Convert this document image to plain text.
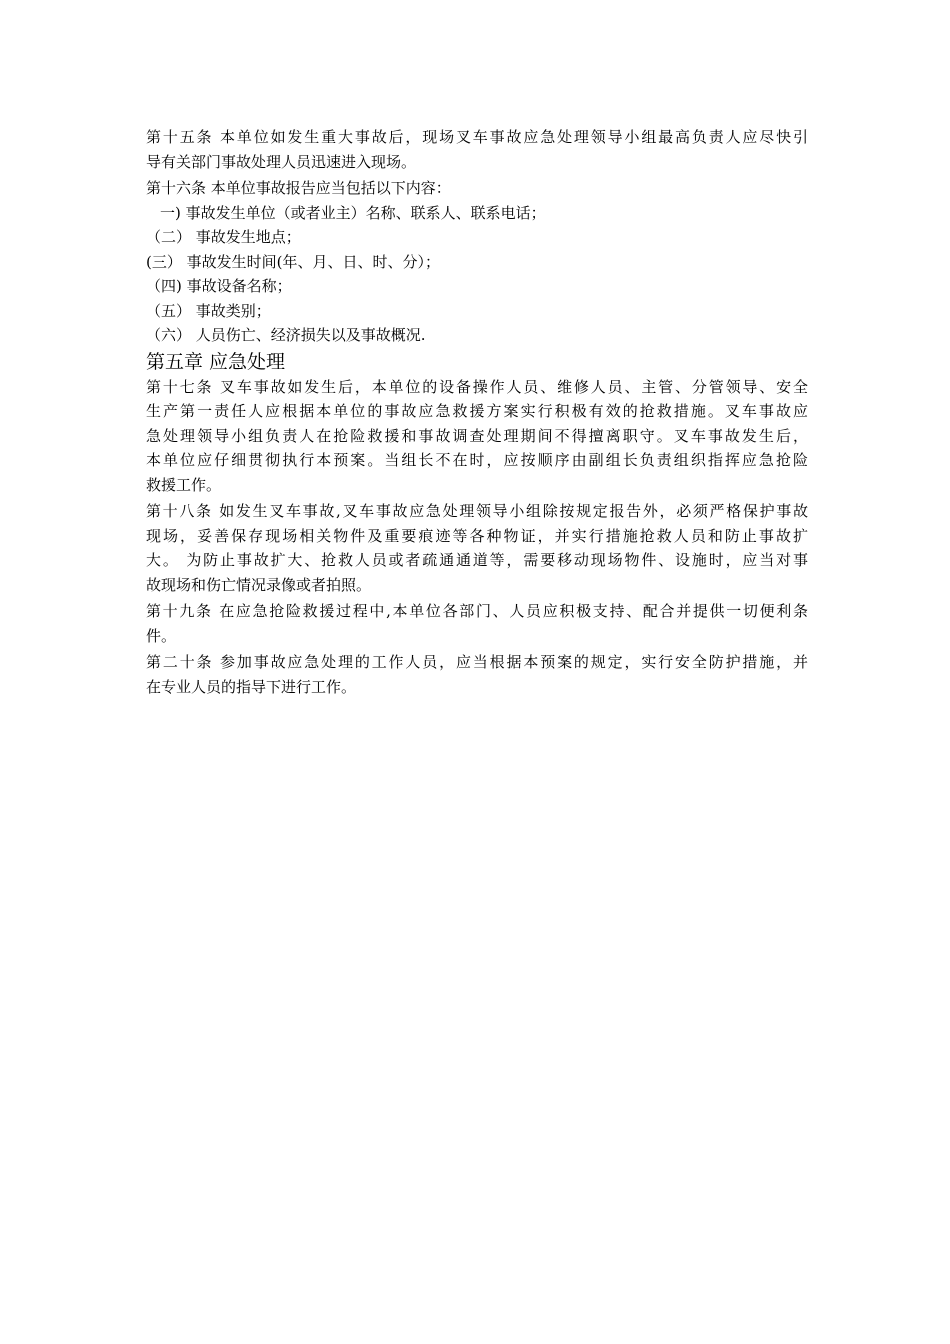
第十五条 本单位如发生重大事故后，现场叉车事故应急处理领导小组最高负责人应尽快引
导有关部门事故处理人员迅速进入现场。
第十六条 本单位事故报告应当包括以下内容：
一) 事故发生单位（或者业主）名称、联系人、联系电话；
（二） 事故发生地点；
(三） 事故发生时间(年、月、日、时、分）；
（四) 事故设备名称；
（五） 事故类别；
（六） 人员伤亡、经济损失以及事故概况.
第五章 应急处理
第十七条 叉车事故如发生后，本单位的设备操作人员、维修人员、主管、分管领导、安全
生产第一责任人应根据本单位的事故应急救援方案实行积极有效的抢救措施。叉车事故应
急处理领导小组负责人在抢险救援和事故调查处理期间不得擅离职守。叉车事故发生后，
本单位应仔细贯彻执行本预案。当组长不在时，应按顺序由副组长负责组织指挥应急抢险
救援工作。
第十八条 如发生叉车事故,叉车事故应急处理领导小组除按规定报告外，必须严格保护事故
现场，妥善保存现场相关物件及重要痕迹等各种物证，并实行措施抢救人员和防止事故扩
大。 为防止事故扩大、抢救人员或者疏通通道等，需要移动现场物件、设施时，应当对事
故现场和伤亡情况录像或者拍照。
第十九条 在应急抢险救援过程中,本单位各部门、人员应积极支持、配合并提供一切便利条
件。
第二十条 参加事故应急处理的工作人员，应当根据本预案的规定，实行安全防护措施，并
在专业人员的指导下进行工作。
